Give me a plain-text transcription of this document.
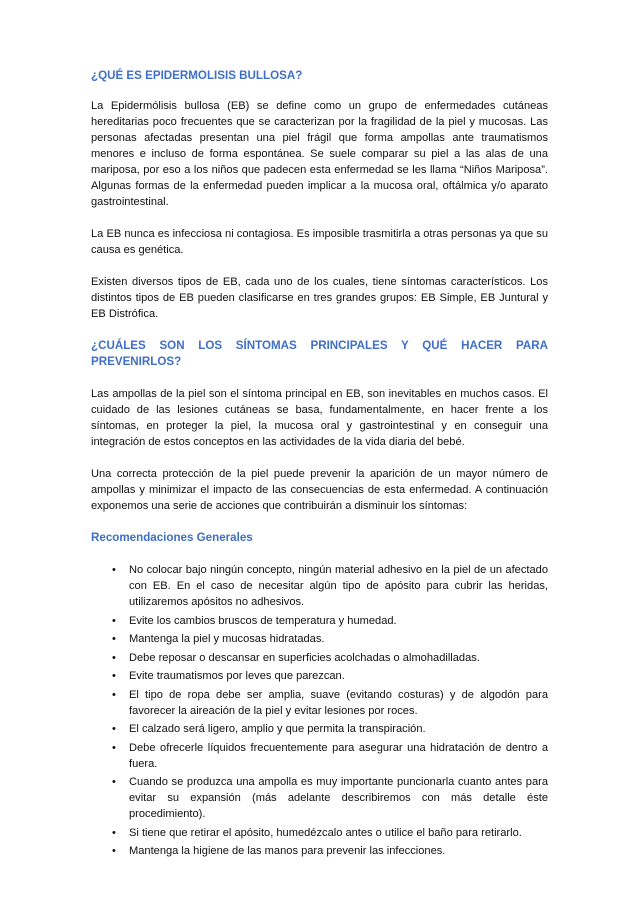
¿QUÉ ES EPIDERMOLISIS BULLOSA?

La Epidermólisis bullosa (EB) se define como un grupo de enfermedades cutáneas hereditarias poco frecuentes que se caracterizan por la fragilidad de la piel y mucosas. Las personas afectadas presentan una piel frágil que forma ampollas ante traumatismos menores e incluso de forma espontánea. Se suele comparar su piel a las alas de una mariposa, por eso a los niños que padecen esta enfermedad se les llama “Niños Mariposa”. Algunas formas de la enfermedad pueden implicar a la mucosa oral, oftálmica y/o aparato gastrointestinal.

La EB nunca es infecciosa ni contagiosa. Es imposible trasmitirla a otras personas ya que su causa es genética.

Existen diversos tipos de EB, cada uno de los cuales, tiene síntomas característicos. Los distintos tipos de EB pueden clasificarse en tres grandes grupos: EB Simple, EB Juntural y EB Distrófica.

¿CUÁLES SON LOS SÍNTOMAS PRINCIPALES Y QUÉ HACER PARA PREVENIRLOS?

Las ampollas de la piel son el síntoma principal en EB, son inevitables en muchos casos. El cuidado de las lesiones cutáneas se basa, fundamentalmente, en hacer frente a los síntomas, en proteger la piel, la mucosa oral y gastrointestinal y en conseguir una integración de estos conceptos en las actividades de la vida diaria del bebé.

Una correcta protección de la piel puede prevenir la aparición de un mayor número de ampollas y minimizar el impacto de las consecuencias de esta enfermedad. A continuación exponemos una serie de acciones que contribuirán a disminuir los síntomas:

Recomendaciones Generales
• No colocar bajo ningún concepto, ningún material adhesivo en la piel de un afectado con EB. En el caso de necesitar algún tipo de apósito para cubrir las heridas, utilizaremos apósitos no adhesivos.
• Evite los cambios bruscos de temperatura y humedad.
• Mantenga la piel y mucosas hidratadas.
• Debe reposar o descansar en superficies acolchadas o almohadilladas.
• Evite traumatismos por leves que parezcan.
• El tipo de ropa debe ser amplia, suave (evitando costuras) y de algodón para favorecer la aireación de la piel y evitar lesiones por roces.
• El calzado será ligero, amplio y que permita la transpiración.
• Debe ofrecerle líquidos frecuentemente para asegurar una hidratación de dentro a fuera.
• Cuando se produzca una ampolla es muy importante puncionarla cuanto antes para evitar su expansión (más adelante describiremos con más detalle éste procedimiento).
• Si tiene que retirar el apósito, humedézcalo antes o utilice el baño para retirarlo.
• Mantenga la higiene de las manos para prevenir las infecciones.
